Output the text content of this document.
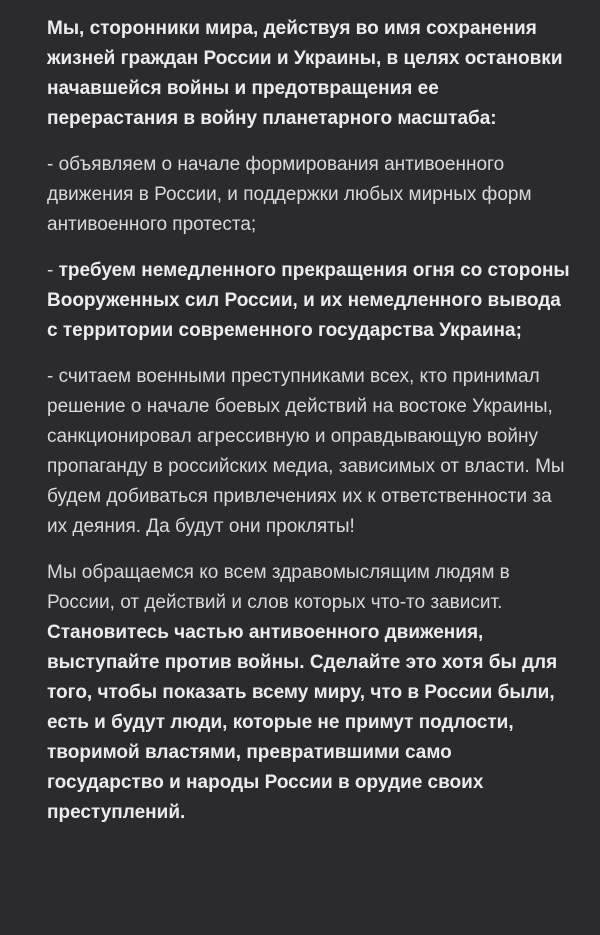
Мы, сторонники мира, действуя во имя сохранения жизней граждан России и Украины, в целях остановки начавшейся войны и предотвращения ее перерастания в войну планетарного масштаба:

- объявляем о начале формирования антивоенного движения в России, и поддержки любых мирных форм антивоенного протеста;

- требуем немедленного прекращения огня со стороны Вооруженных сил России, и их немедленного вывода с территории современного государства Украина;

- считаем военными преступниками всех, кто принимал решение о начале боевых действий на востоке Украины, санкционировал агрессивную и оправдывающую войну пропаганду в российских медиа, зависимых от власти. Мы будем добиваться привлечениях их к ответственности за их деяния. Да будут они прокляты!

Мы обращаемся ко всем здравомыслящим людям в России, от действий и слов которых что-то зависит. Становитесь частью антивоенного движения, выступайте против войны. Сделайте это хотя бы для того, чтобы показать всему миру, что в России были, есть и будут люди, которые не примут подлости, творимой властями, превратившими само государство и народы России в орудие своих преступлений.
